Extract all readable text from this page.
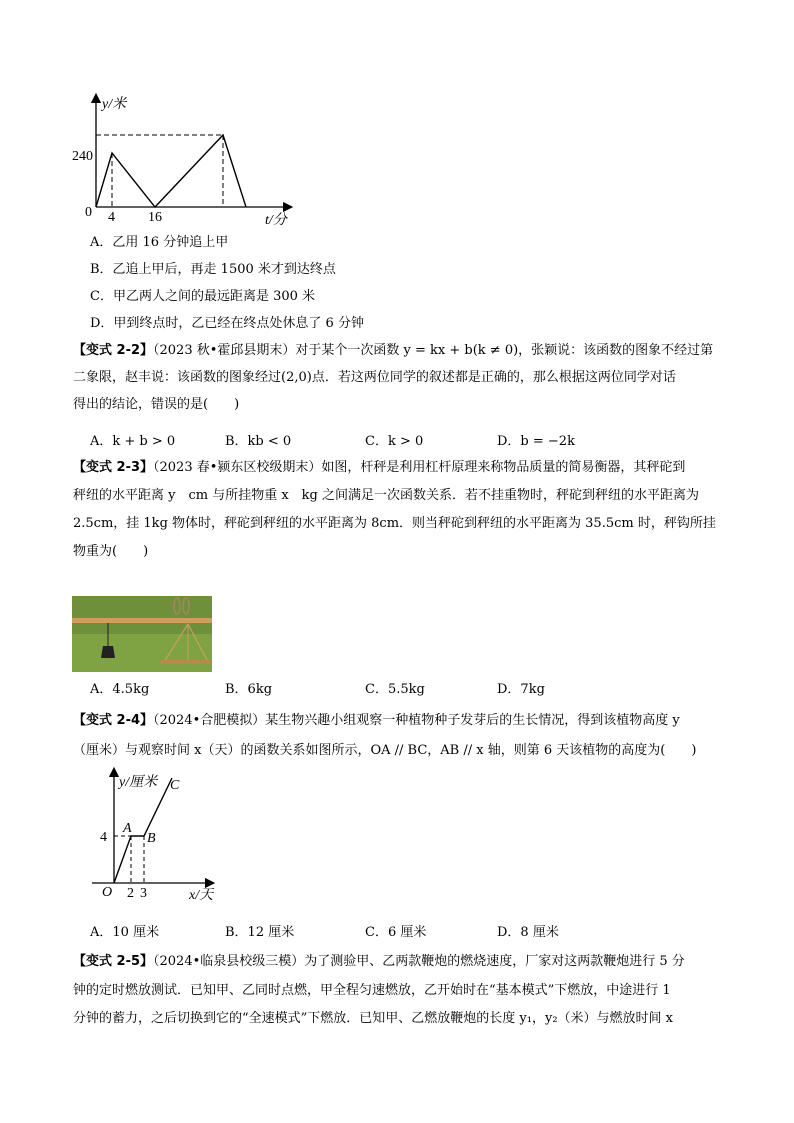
y/米
240
0 4 16	t/分
A．乙用 16 分钟追上甲
B．乙追上甲后，再走 1500 米才到达终点
C．甲乙两人之间的最远距离是 300 米
D．甲到终点时，乙已经在终点处休息了 6 分钟
【变式 2-2】（2023 秋•霍邱县期末）对于某个一次函数 y = kx + b(k ≠ 0)，张颖说：该函数的图象不经过第
二象限，赵丰说：该函数的图象经过(2,0)点．若这两位同学的叙述都是正确的，那么根据这两位同学对话
得出的结论，错误的是(　　)
A．k + b > 0	B．kb < 0	C．k > 0	D．b = −2k
【变式 2-3】（2023 春•颍东区校级期末）如图，杆秤是利用杠杆原理来称物品质量的简易衡器，其秤砣到
秤纽的水平距离 y　cm 与所挂物重 x　kg 之间满足一次函数关系．若不挂重物时，秤砣到秤纽的水平距离为
2.5cm，挂 1kg 物体时，秤砣到秤纽的水平距离为 8cm．则当秤砣到秤纽的水平距离为 35.5cm 时，秤钩所挂
物重为(　　)
A．4.5kg	B．6kg	C．5.5kg	D．7kg
【变式 2-4】（2024•合肥模拟）某生物兴趣小组观察一种植物种子发芽后的生长情况，得到该植物高度 y
（厘米）与观察时间 x（天）的函数关系如图所示，OA // BC，AB // x 轴，则第 6 天该植物的高度为(　　)
y/厘米 C
A
B
4
O 2 3	x/天
A．10 厘米	B．12 厘米	C．6 厘米	D．8 厘米
【变式 2-5】（2024•临泉县校级三模）为了测验甲、乙两款鞭炮的燃烧速度，厂家对这两款鞭炮进行 5 分
钟的定时燃放测试．已知甲、乙同时点燃，甲全程匀速燃放，乙开始时在“基本模式”下燃放，中途进行 1
分钟的蓄力，之后切换到它的“全速模式”下燃放．已知甲、乙燃放鞭炮的长度 y₁，y₂（米）与燃放时间 x
